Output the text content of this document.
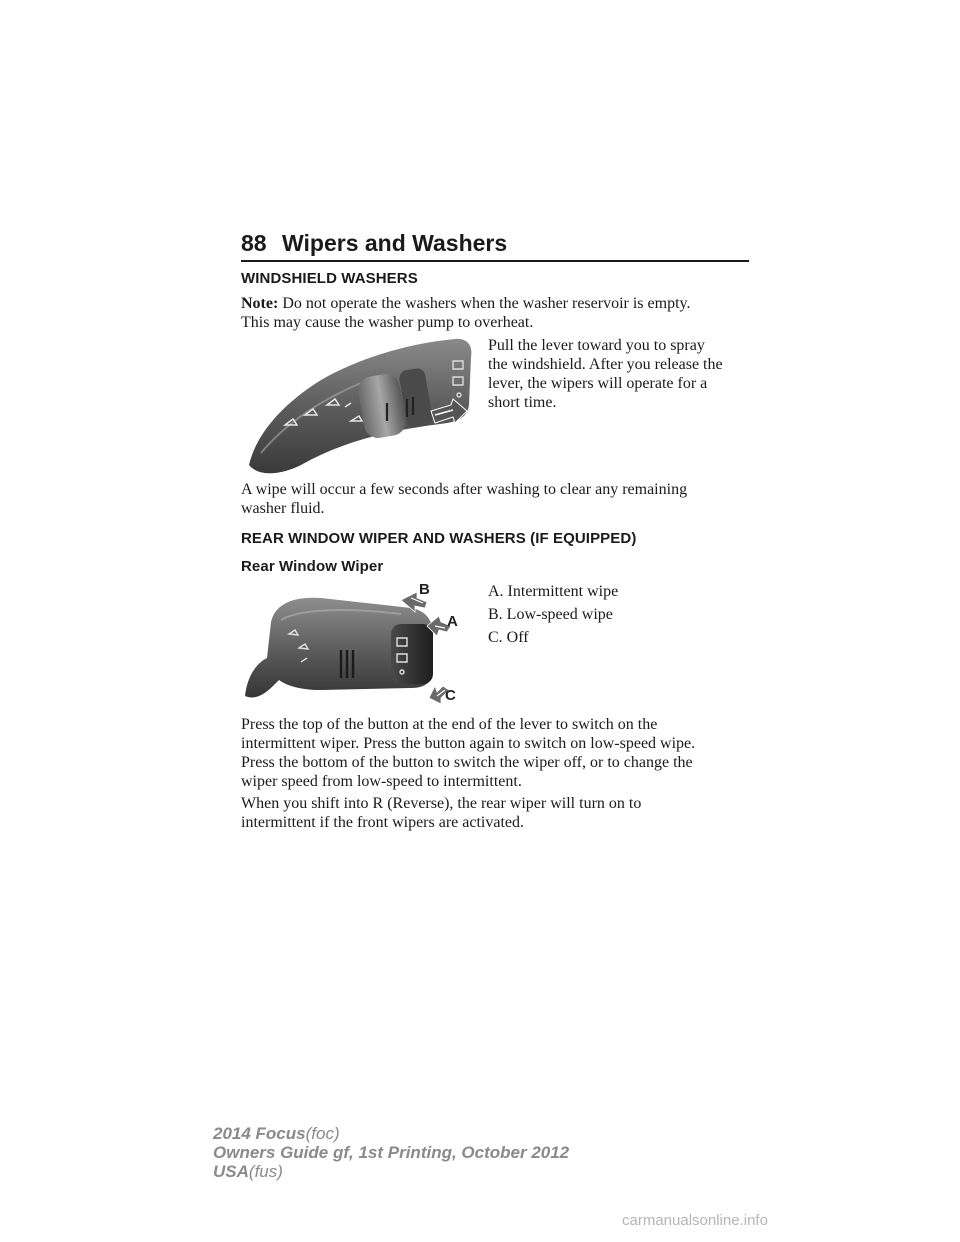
88 Wipers and Washers
WINDSHIELD WASHERS
Note: Do not operate the washers when the washer reservoir is empty.
This may cause the washer pump to overheat.
Pull the lever toward you to spray
the windshield. After you release the
lever, the wipers will operate for a
short time.
A wipe will occur a few seconds after washing to clear any remaining
washer fluid.
REAR WINDOW WIPER AND WASHERS (IF EQUIPPED)
Rear Window Wiper
A. Intermittent wipe
B. Low-speed wipe
C. Off
B
A
C
Press the top of the button at the end of the lever to switch on the
intermittent wiper. Press the button again to switch on low-speed wipe.
Press the bottom of the button to switch the wiper off, or to change the
wiper speed from low-speed to intermittent.
When you shift into R (Reverse), the rear wiper will turn on to
intermittent if the front wipers are activated.
2014 Focus(foc)
Owners Guide gf, 1st Printing, October 2012
USA(fus)
carmanualsonline.info
